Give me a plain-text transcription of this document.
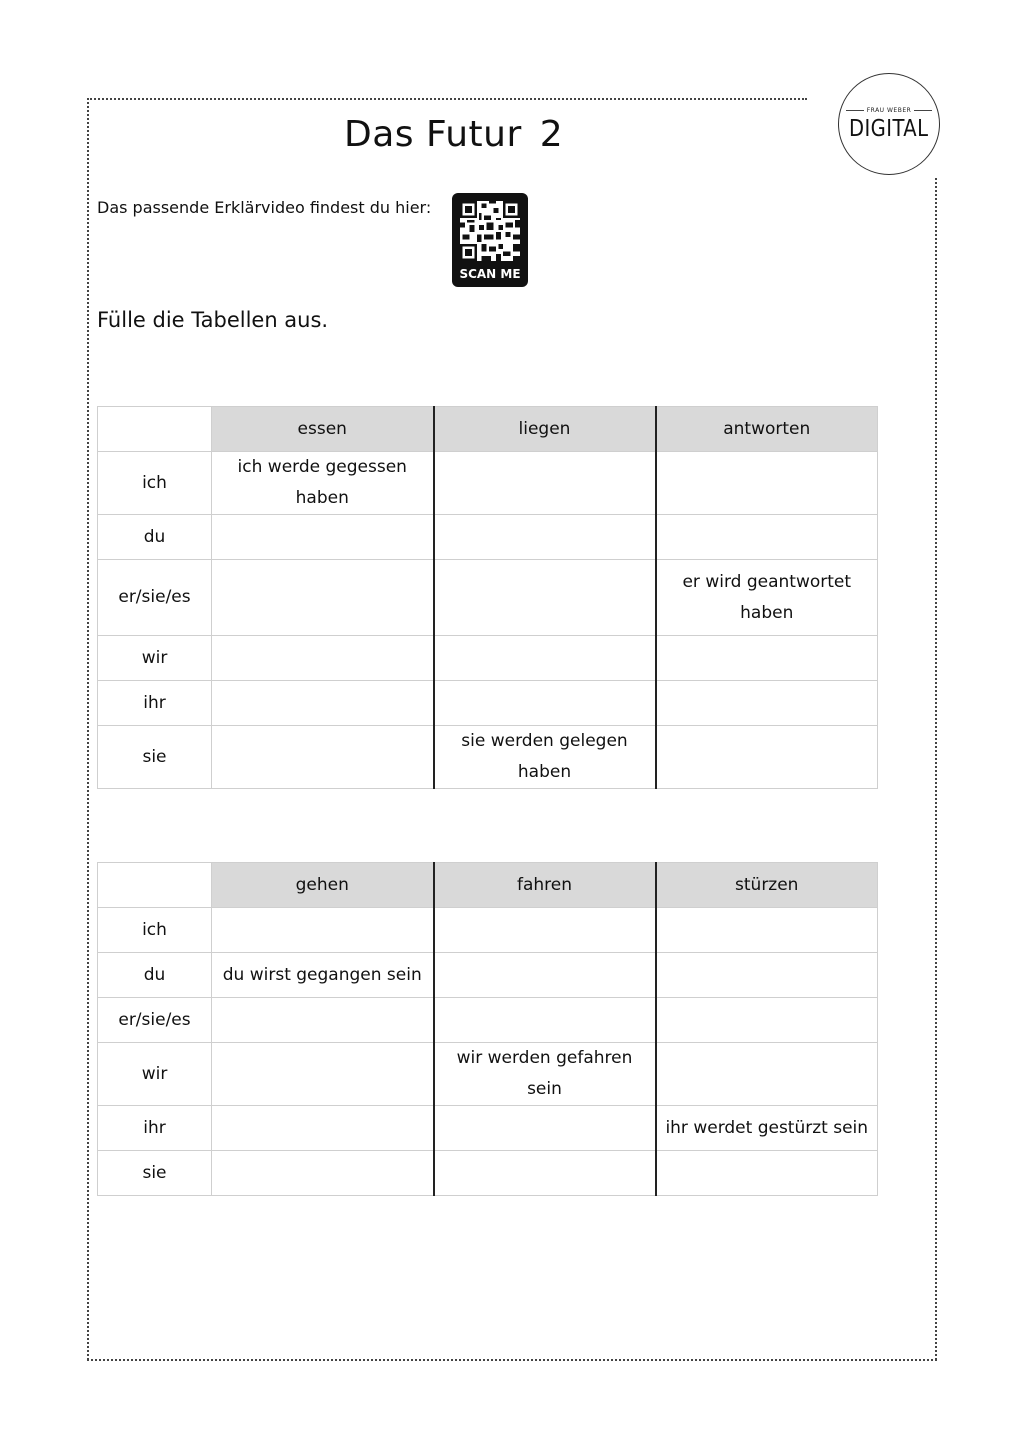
FRAU WEBER
DIGITAL
Das Futur 2
Das passende Erklärvideo findest du hier:
SCAN ME
Fülle die Tabellen aus.
	essen	liegen	antworten
ich	ich werde gegessen haben		
du			
er/sie/es			er wird geantwortet haben
wir			
ihr			
sie		sie werden gelegen haben	
	gehen	fahren	stürzen
ich			
du	du wirst gegangen sein		
er/sie/es			
wir		wir werden gefahren sein	
ihr			ihr werdet gestürzt sein
sie			
